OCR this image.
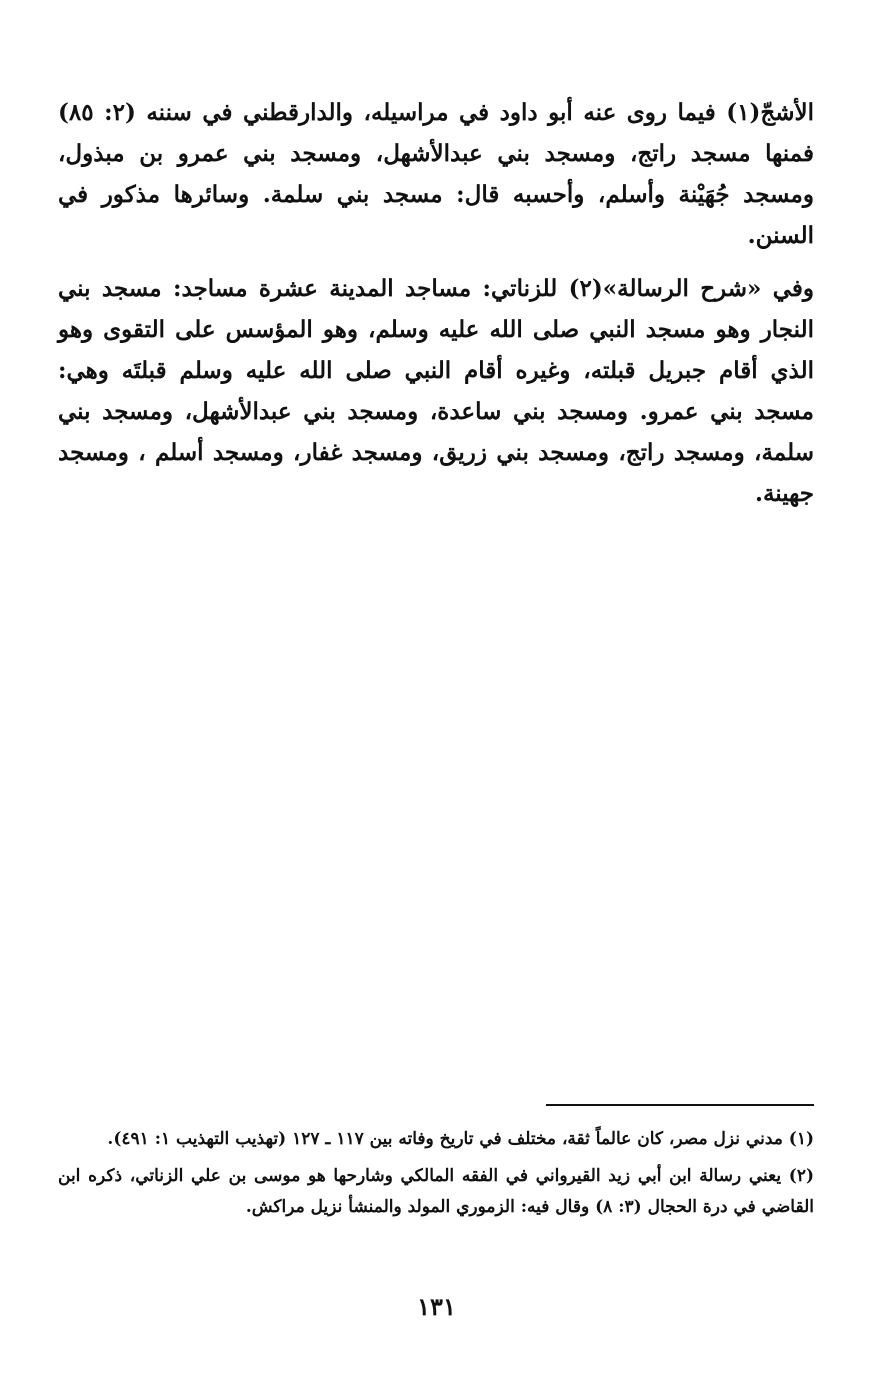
الأشجّ(١) فيما روى عنه أبو داود في مراسيله، والدارقطني في سننه (٢: ٨٥) فمنها مسجد راتج، ومسجد بني عبدالأشهل، ومسجد بني عمرو بن مبذول، ومسجد جُهَيْنة وأسلم، وأحسبه قال: مسجد بني سلمة. وسائرها مذكور في السنن.

وفي «شرح الرسالة»(٢) للزناتي: مساجد المدينة عشرة مساجد: مسجد بني النجار وهو مسجد النبي صلى الله عليه وسلم، وهو المؤسس على التقوى وهو الذي أقام جبريل قبلته، وغيره أقام النبي صلى الله عليه وسلم قبلتَه وهي: مسجد بني عمرو. ومسجد بني ساعدة، ومسجد بني عبدالأشهل، ومسجد بني سلمة، ومسجد راتج، ومسجد بني زريق، ومسجد غفار، ومسجد أسلم ، ومسجد جهينة.

(١) مدني نزل مصر، كان عالماً ثقة، مختلف في تاريخ وفاته بين ١١٧ ـ ١٢٧ (تهذيب التهذيب ١: ٤٩١).

(٢) يعني رسالة ابن أبي زيد القيرواني في الفقه المالكي وشارحها هو موسى بن علي الزناتي، ذكره ابن القاضي في درة الحجال (٣: ٨) وقال فيه: الزموري المولد والمنشأ نزيل مراكش.

١٣١
